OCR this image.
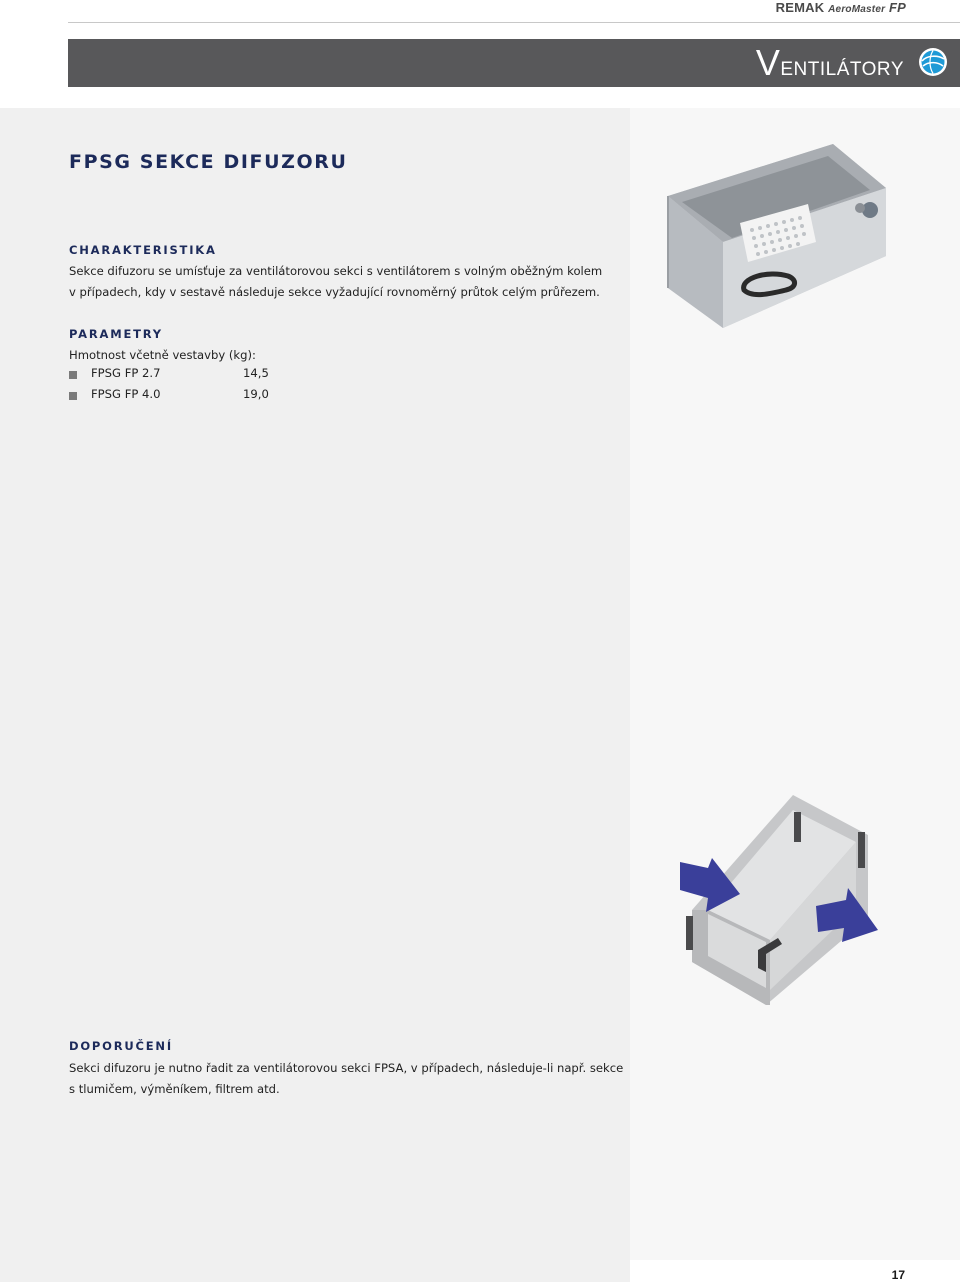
REMAK AeroMaster FP
Ventilátory
FPSG SEKCE DIFUZORU
CHARAKTERISTIKA
Sekce difuzoru se umísťuje za ventilátorovou sekci s ventilátorem s volným oběžným kolem
v případech, kdy v sestavě následuje sekce vyžadující rovnoměrný průtok celým průřezem.
PARAMETRY
Hmotnost včetně vestavby (kg):
FPSG FP 2.7	14,5
FPSG FP 4.0	19,0
DOPORUČENÍ
Sekci difuzoru je nutno řadit za ventilátorovou sekci FPSA, v případech, následuje-li např. sekce
s tlumičem, výměníkem, filtrem atd.
17
